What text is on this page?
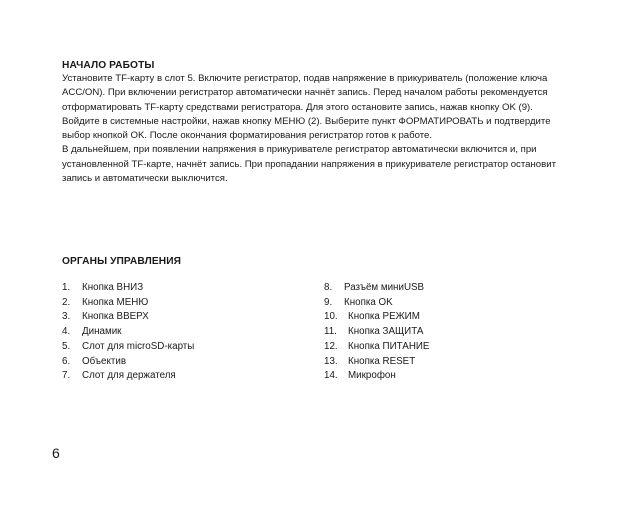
НАЧАЛО РАБОТЫ

Установите TF-карту в слот 5. Включите регистратор, подав напряжение в прикуриватель (положение ключа ACC/ON). При включении регистратор автоматически начнёт запись. Перед началом работы рекомендуется отформатировать TF-карту средствами регистратора. Для этого остановите запись, нажав кнопку OK (9). Войдите в системные настройки, нажав кнопку МЕНЮ (2). Выберите пункт ФОРМАТИРОВАТЬ и подтвердите выбор кнопкой OK. После окончания форматирования регистратор готов к работе.

В дальнейшем, при появлении напряжения в прикуривателе регистратор автоматически включится и, при установленной TF-карте, начнёт запись. При пропадании напряжения в прикуривателе регистратор остановит запись и автоматически выключится.

ОРГАНЫ УПРАВЛЕНИЯ
1.	Кнопка ВНИЗ
2.	Кнопка МЕНЮ
3.	Кнопка ВВЕРХ
4.	Динамик
5.	Слот для microSD-карты
6.	Объектив
7.	Слот для держателя
8.	Разъём миниUSB
9.	Кнопка OK
10.	Кнопка РЕЖИМ
11.	Кнопка ЗАЩИТА
12.	Кнопка ПИТАНИЕ
13.	Кнопка RESET
14.	Микрофон

6
